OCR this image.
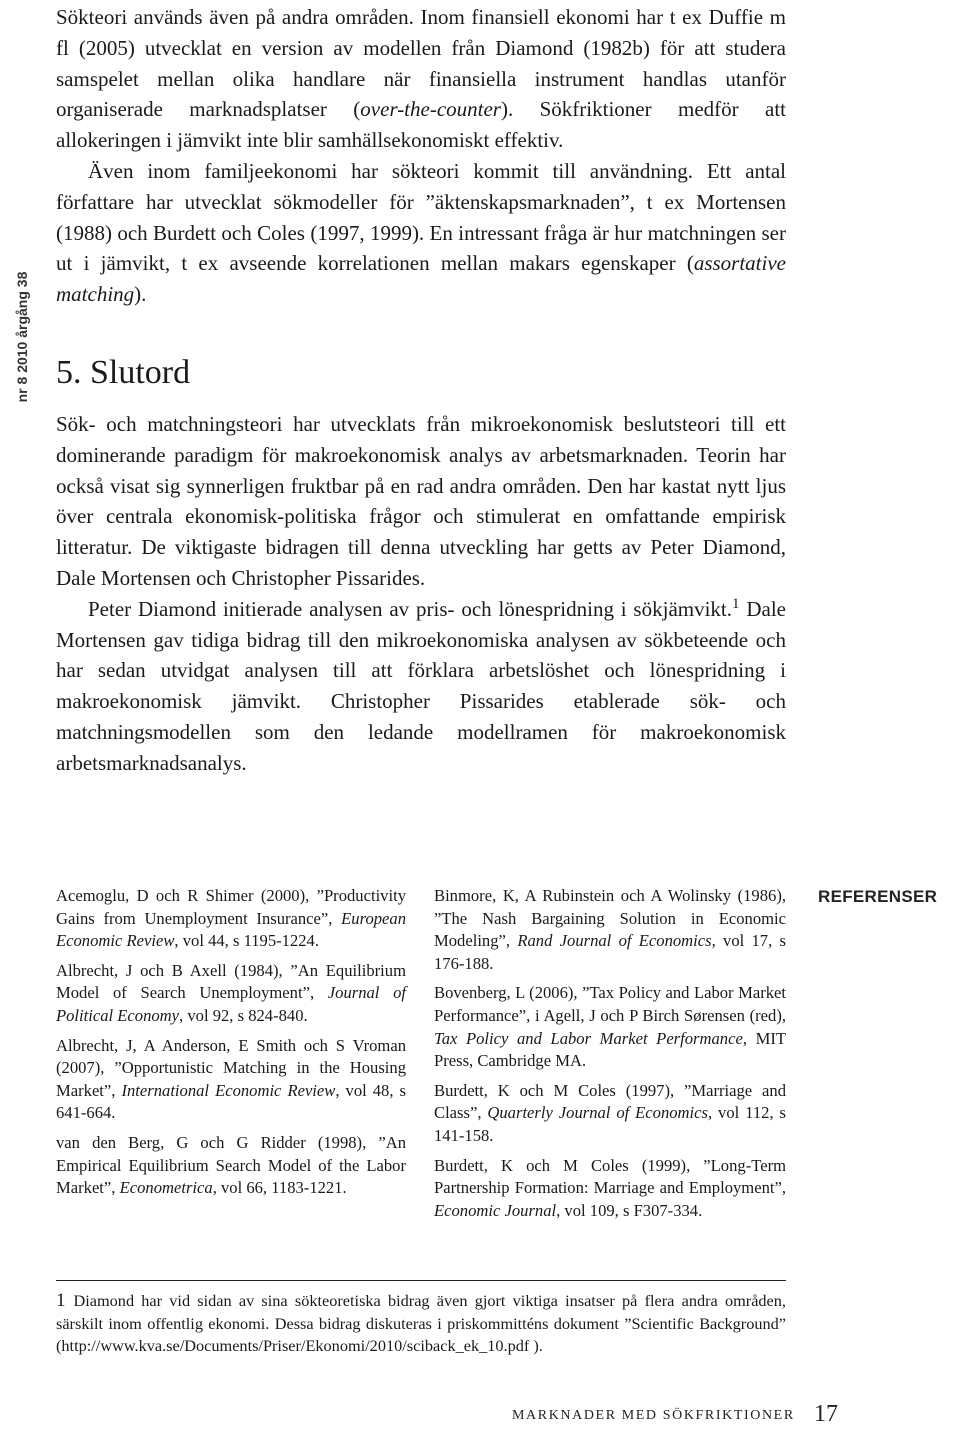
nr 8 2010 årgång 38

Sökteori används även på andra områden. Inom finansiell ekonomi har t ex Duffie m fl (2005) utvecklat en version av modellen från Diamond (1982b) för att studera samspelet mellan olika handlare när finansiella instrument handlas utanför organiserade marknadsplatser (over-the-counter). Sökfriktioner medför att allokeringen i jämvikt inte blir samhällsekonomiskt effektiv.

Även inom familjeekonomi har sökteori kommit till användning. Ett antal författare har utvecklat sökmodeller för ”äktenskapsmarknaden”, t ex Mortensen (1988) och Burdett och Coles (1997, 1999). En intressant fråga är hur matchningen ser ut i jämvikt, t ex avseende korrelationen mellan makars egenskaper (assortative matching).

5. Slutord

Sök- och matchningsteori har utvecklats från mikroekonomisk beslutsteori till ett dominerande paradigm för makroekonomisk analys av arbetsmarknaden. Teorin har också visat sig synnerligen fruktbar på en rad andra områden. Den har kastat nytt ljus över centrala ekonomisk-politiska frågor och stimulerat en omfattande empirisk litteratur. De viktigaste bidragen till denna utveckling har getts av Peter Diamond, Dale Mortensen och Christopher Pissarides.

Peter Diamond initierade analysen av pris- och lönespridning i sökjämvikt.$^1$ Dale Mortensen gav tidiga bidrag till den mikroekonomiska analysen av sökbeteende och har sedan utvidgat analysen till att förklara arbetslöshet och lönespridning i makroekonomisk jämvikt. Christopher Pissarides etablerade sök- och matchningsmodellen som den ledande modellramen för makroekonomisk arbetsmarknadsanalys.

Acemoglu, D och R Shimer (2000), ”Productivity Gains from Unemployment Insurance”, European Economic Review, vol 44, s 1195-1224.

Albrecht, J och B Axell (1984), ”An Equilibrium Model of Search Unemployment”, Journal of Political Economy, vol 92, s 824-840.

Albrecht, J, A Anderson, E Smith och S Vroman (2007), ”Opportunistic Matching in the Housing Market”, International Economic Review, vol 48, s 641-664.

van den Berg, G och G Ridder (1998), ”An Empirical Equilibrium Search Model of the Labor Market”, Econometrica, vol 66, 1183-1221.

Binmore, K, A Rubinstein och A Wolinsky (1986), ”The Nash Bargaining Solution in Economic Modeling”, Rand Journal of Economics, vol 17, s 176-188.

Bovenberg, L (2006), ”Tax Policy and Labor Market Performance”, i Agell, J och P Birch Sørensen (red), Tax Policy and Labor Market Performance, MIT Press, Cambridge MA.

Burdett, K och M Coles (1997), ”Marriage and Class”, Quarterly Journal of Economics, vol 112, s 141-158.

Burdett, K och M Coles (1999), ”Long-Term Partnership Formation: Marriage and Employment”, Economic Journal, vol 109, s F307-334.

REFERENSER
1 Diamond har vid sidan av sina sökteoretiska bidrag även gjort viktiga insatser på flera andra områden, särskilt inom offentlig ekonomi. Dessa bidrag diskuteras i priskommitténs dokument ”Scientific Background” (http://www.kva.se/Documents/Priser/Ekonomi/2010/sciback_ek_10.pdf ).
MARKNADER MED SÖKFRIKTIONER 17
